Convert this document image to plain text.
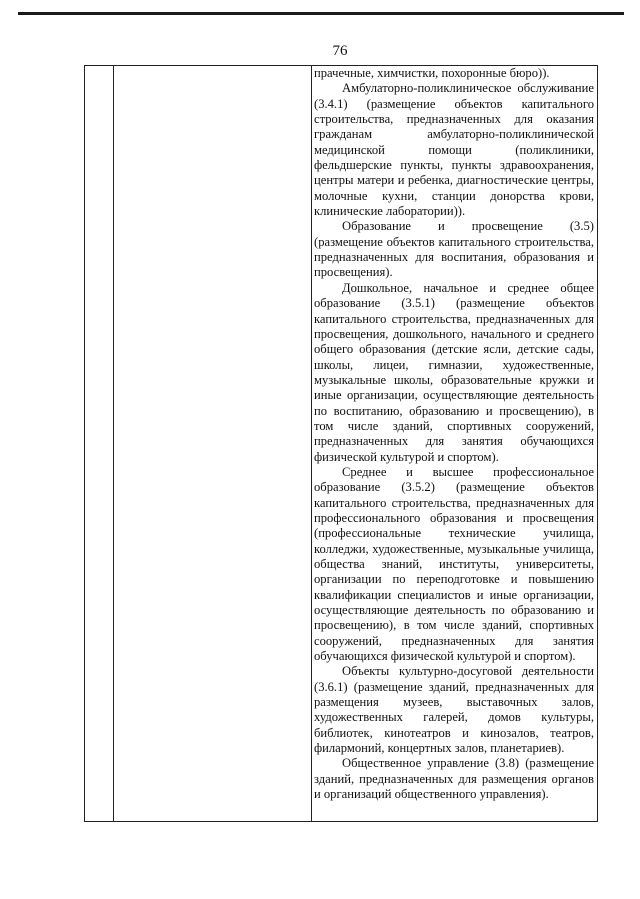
76

прачечные, химчистки, похоронные бюро)).

Амбулаторно-поликлиническое обслуживание (3.4.1) (размещение объектов капитального строительства, предназначенных для оказания гражданам амбулаторно-поликлинической медицинской помощи (поликлиники, фельдшерские пункты, пункты здравоохранения, центры матери и ребенка, диагностические центры, молочные кухни, станции донорства крови, клинические лаборатории)).

Образование и просвещение (3.5) (размещение объектов капитального строительства, предназначенных для воспитания, образования и просвещения).

Дошкольное, начальное и среднее общее образование (3.5.1) (размещение объектов капитального строительства, предназначенных для просвещения, дошкольного, начального и среднего общего образования (детские ясли, детские сады, школы, лицеи, гимназии, художественные, музыкальные школы, образовательные кружки и иные организации, осуществляющие деятельность по воспитанию, образованию и просвещению), в том числе зданий, спортивных сооружений, предназначенных для занятия обучающихся физической культурой и спортом).

Среднее и высшее профессиональное образование (3.5.2) (размещение объектов капитального строительства, предназначенных для профессионального образования и просвещения (профессиональные технические училища, колледжи, художественные, музыкальные училища, общества знаний, институты, университеты, организации по переподготовке и повышению квалификации специалистов и иные организации, осуществляющие деятельность по образованию и просвещению), в том числе зданий, спортивных сооружений, предназначенных для занятия обучающихся физической культурой и спортом).

Объекты культурно-досуговой деятельности (3.6.1) (размещение зданий, предназначенных для размещения музеев, выставочных залов, художественных галерей, домов культуры, библиотек, кинотеатров и кинозалов, театров, филармоний, концертных залов, планетариев).

Общественное управление (3.8) (размещение зданий, предназначенных для размещения органов и организаций общественного управления).
